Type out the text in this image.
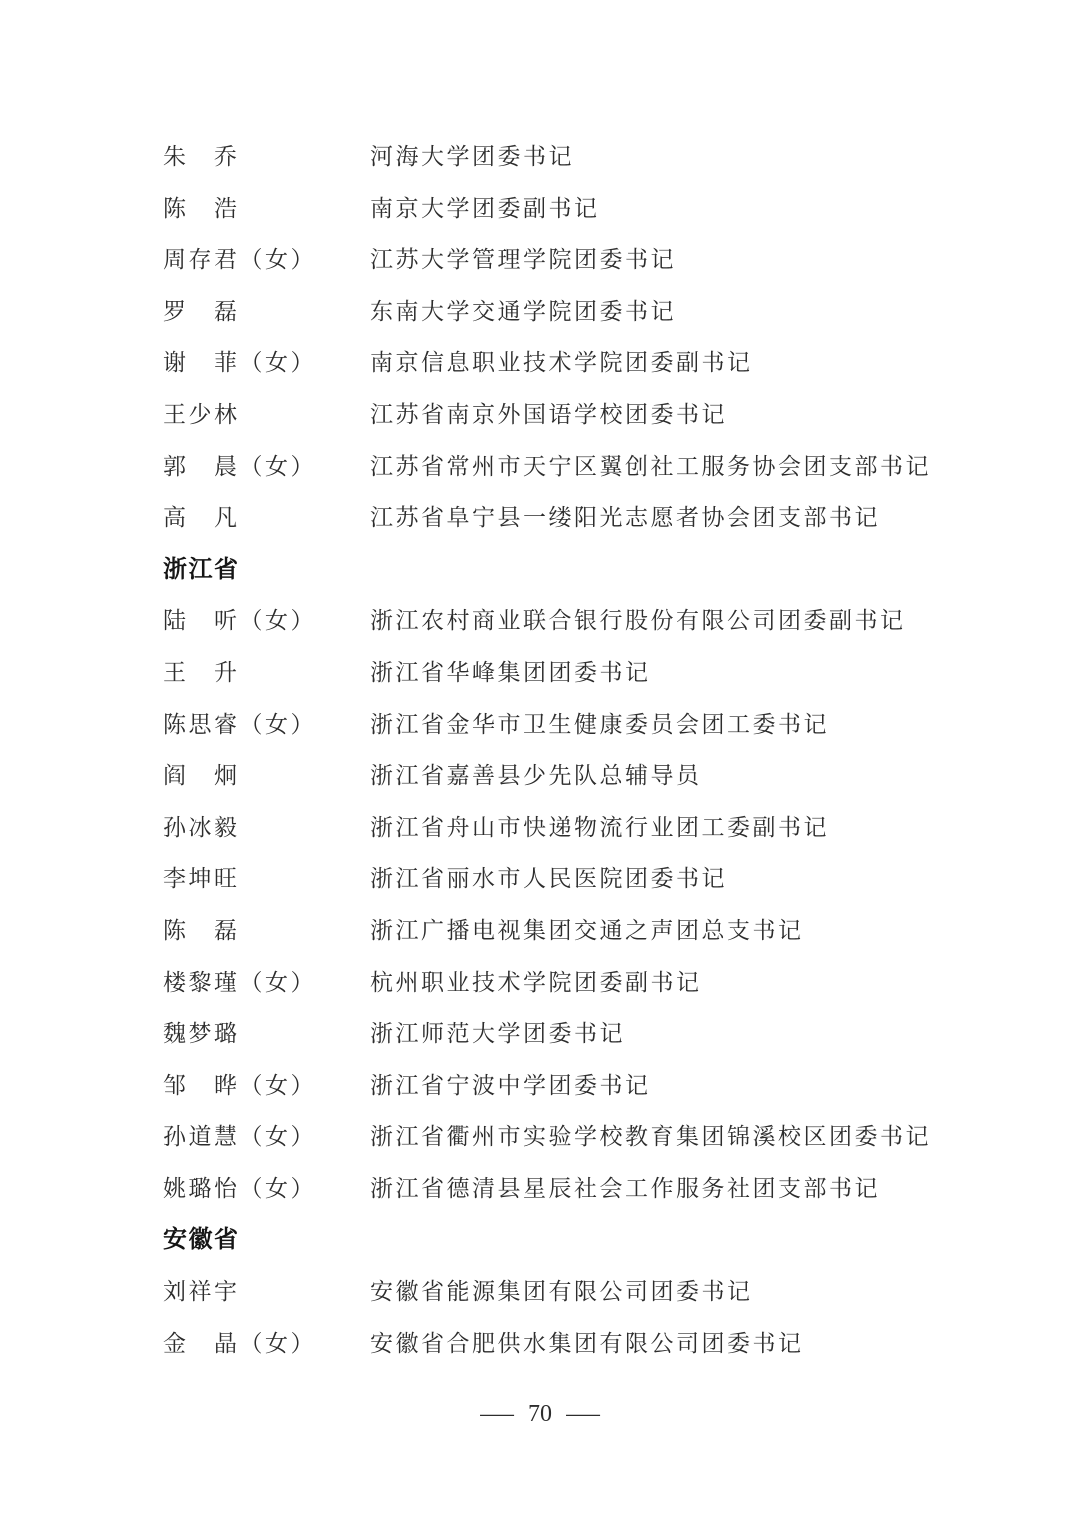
朱　乔	河海大学团委书记
陈　浩	南京大学团委副书记
周存君（女）	江苏大学管理学院团委书记
罗　磊	东南大学交通学院团委书记
谢　菲（女）	南京信息职业技术学院团委副书记
王少林	江苏省南京外国语学校团委书记
郭　晨（女）	江苏省常州市天宁区翼创社工服务协会团支部书记
高　凡	江苏省阜宁县一缕阳光志愿者协会团支部书记
浙江省
陆　听（女）	浙江农村商业联合银行股份有限公司团委副书记
王　升	浙江省华峰集团团委书记
陈思睿（女）	浙江省金华市卫生健康委员会团工委书记
阎　炯	浙江省嘉善县少先队总辅导员
孙冰毅	浙江省舟山市快递物流行业团工委副书记
李坤旺	浙江省丽水市人民医院团委书记
陈　磊	浙江广播电视集团交通之声团总支书记
楼黎瑾（女）	杭州职业技术学院团委副书记
魏梦璐	浙江师范大学团委书记
邹　晔（女）	浙江省宁波中学团委书记
孙道慧（女）	浙江省衢州市实验学校教育集团锦溪校区团委书记
姚璐怡（女）	浙江省德清县星辰社会工作服务社团支部书记
安徽省
刘祥宇	安徽省能源集团有限公司团委书记
金　晶（女）	安徽省合肥供水集团有限公司团委书记
— 70 —
